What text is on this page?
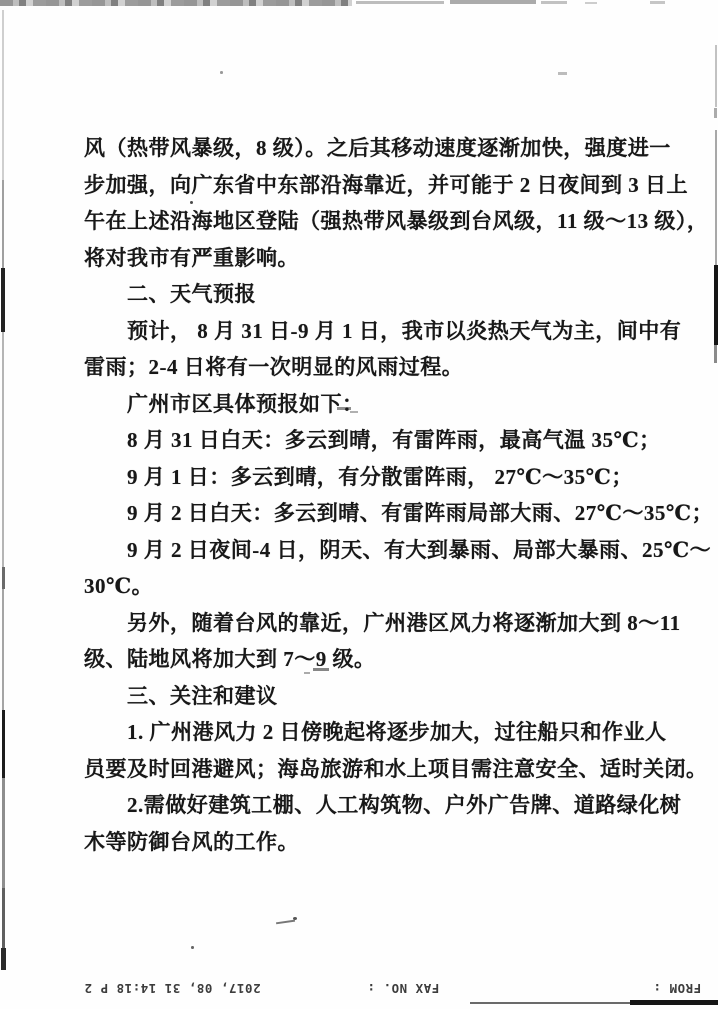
风（热带风暴级，8 级）。之后其移动速度逐渐加快，强度进一
步加强，向广东省中东部沿海靠近，并可能于 2 日夜间到 3 日上
午在上述沿海地区登陆（强热带风暴级到台风级，11 级～13 级），
将对我市有严重影响。
二、天气预报
预计， 8 月 31 日-9 月 1 日，我市以炎热天气为主，间中有
雷雨；2-4 日将有一次明显的风雨过程。
广州市区具体预报如下：
8 月 31 日白天：多云到晴，有雷阵雨，最高气温 35℃；
9 月 1 日：多云到晴，有分散雷阵雨， 27℃～35℃；
9 月 2 日白天：多云到晴、有雷阵雨局部大雨、27℃～35℃；
9 月 2 日夜间-4 日，阴天、有大到暴雨、局部大暴雨、25℃～
30℃。
另外，随着台风的靠近，广州港区风力将逐渐加大到 8～11
级、陆地风将加大到 7～9 级。
三、关注和建议
1. 广州港风力 2 日傍晚起将逐步加大，过往船只和作业人
员要及时回港避风；海岛旅游和水上项目需注意安全、适时关闭。
2.需做好建筑工棚、人工构筑物、户外广告牌、道路绿化树
木等防御台风的工作。
2017, 08, 31 14:18 P 2	FAX NO. :	FROM :
